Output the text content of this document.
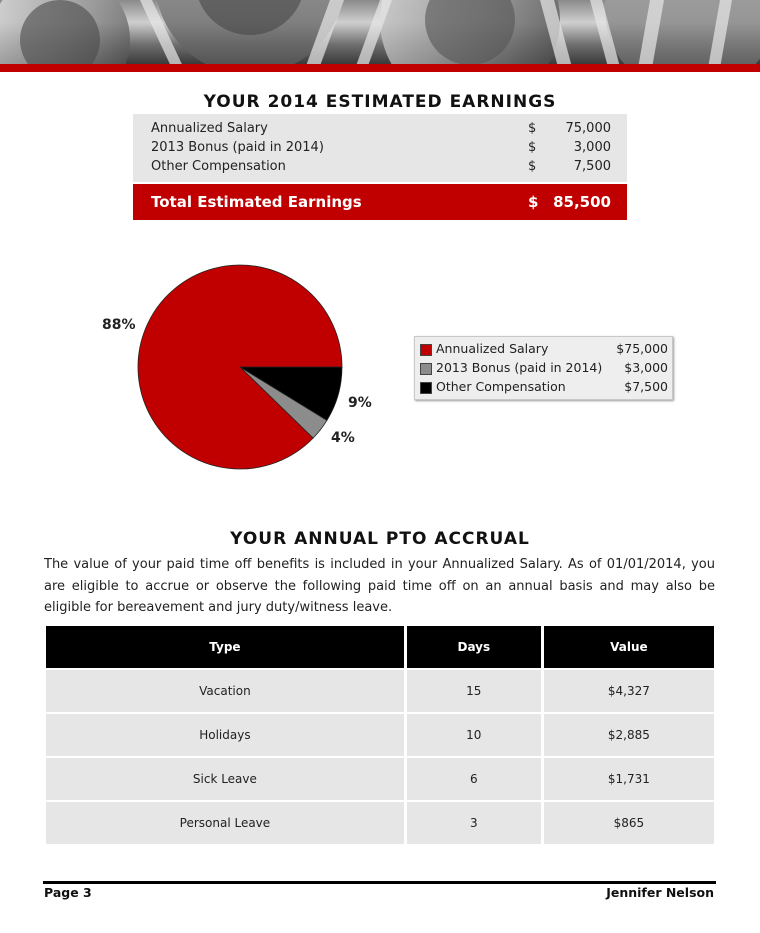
YOUR 2014 ESTIMATED EARNINGS
Annualized Salary	$ 75,000
2013 Bonus (paid in 2014)	$	3,000
Other Compensation	$	7,500
Total Estimated Earnings	$ 85,500
88%
9%
4%
Annualized Salary	$75,000
2013 Bonus (paid in 2014) $3,000
Other Compensation	$7,500
YOUR ANNUAL PTO ACCRUAL
The value of your paid time off benefits is included in your Annualized Salary. As of 01/01/2014, you are eligible to accrue or observe the following paid time off on an annual basis and may also be eligible for bereavement and jury duty/witness leave.
Type	Days	Value
Vacation	15	$4,327
Holidays	10	$2,885
Sick Leave	6	$1,731
Personal Leave	3	$865
Page 3	Jennifer Nelson
